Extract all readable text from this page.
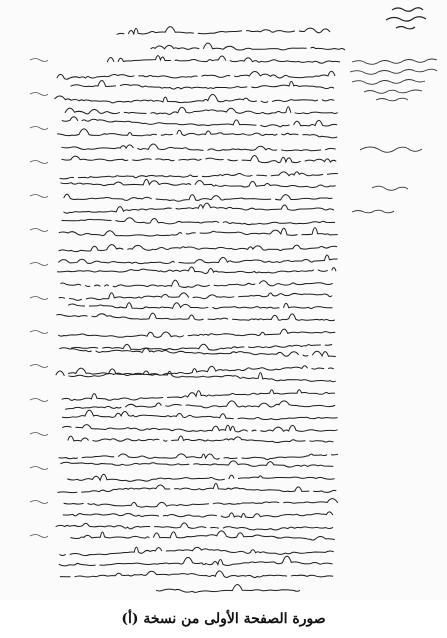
صورة الصفحة الأولى من نسخة (أ)
